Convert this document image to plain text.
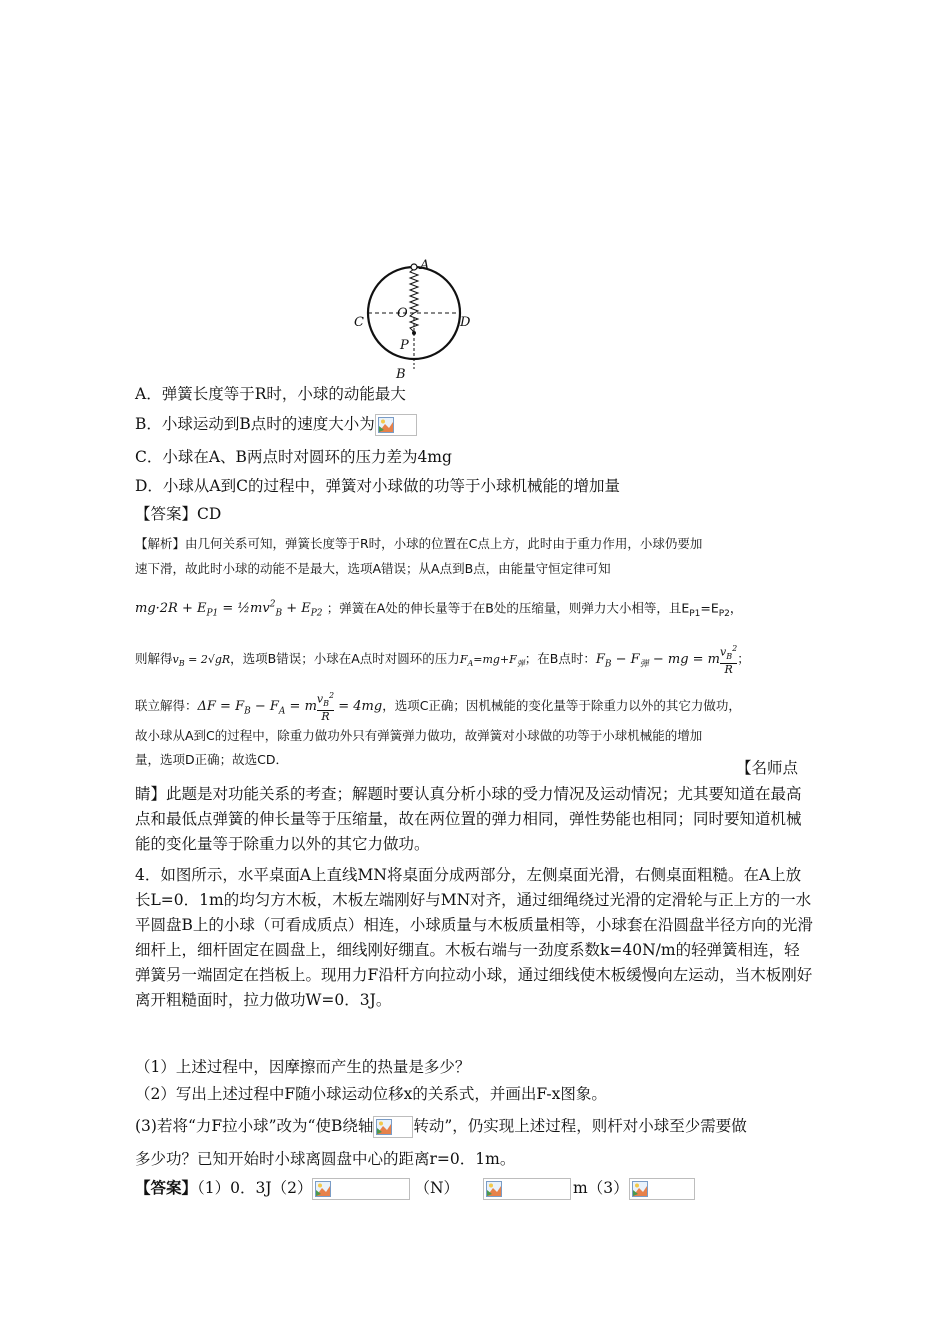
A
C	D
O
P
B
A．弹簧长度等于R时，小球的动能最大
B．小球运动到B点时的速度大小为
C．小球在A、B两点时对圆环的压力差为4mg
D．小球从A到C的过程中，弹簧对小球做的功等于小球机械能的增加量
【答案】CD
【解析】由几何关系可知，弹簧长度等于R时，小球的位置在C点上方，此时由于重力作用，小球仍要加
速下滑，故此时小球的动能不是最大，选项A错误；从A点到B点，由能量守恒定律可知
$mg\cdot 2R + E_{P1}$ = $\frac{1}{2}mv^2_B + E_{P2}$ ；弹簧在A处的伸长量等于在B处的压缩量，则弹力大小相等，且$E_{P1}=E_{P2}$，
则解得$v_B = 2√gR$，选项B错误；小球在A点时对圆环的压力$F_A=mg+F_弹$；在B点时：$F_B - F_弹$ − mg = m $\frac{v_B^2}{R}$ ；
联立解得：$\Delta F = F_B - F_A = m \frac{v_B^2}{R} = 4mg$，选项C正确；因机械能的变化量等于除重力以外的其它力做功，
故小球从A到C的过程中，除重力做功外只有弹簧弹力做功，故弹簧对小球做的功等于小球机械能的增加
量，选项D正确；故选CD．	【名师点
睛】此题是对功能关系的考查；解题时要认真分析小球的受力情况及运动情况；尤其要知道在最高点和最低点弹簧的伸长量等于压缩量，故在两位置的弹力相同，弹性势能也相同；同时要知道机械能的变化量等于除重力以外的其它力做功。
4．如图所示，水平桌面A上直线MN将桌面分成两部分，左侧桌面光滑，右侧桌面粗糙。在A上放长L=0．1m的均匀方木板，木板左端刚好与MN对齐，通过细绳绕过光滑的定滑轮与正上方的一水平圆盘B上的小球（可看成质点）相连，小球质量与木板质量相等，小球套在沿圆盘半径方向的光滑细杆上，细杆固定在圆盘上，细线刚好绷直。木板右端与一劲度系数k=40N/m的轻弹簧相连，轻弹簧另一端固定在挡板上。现用力F沿杆方向拉动小球，通过细线使木板缓慢向左运动，当木板刚好离开粗糙面时，拉力做功W=0．3J。
（1）上述过程中，因摩擦而产生的热量是多少？
（2）写出上述过程中F随小球运动位移x的关系式，并画出F-x图象。
(3)若将“力F拉小球”改为“使B绕轴	转动”，仍实现上述过程，则杆对小球至少需要做
多少功？已知开始时小球离圆盘中心的距离r=0．1m。
【答案】（1）0．3J（2）	（N）	m（3）
